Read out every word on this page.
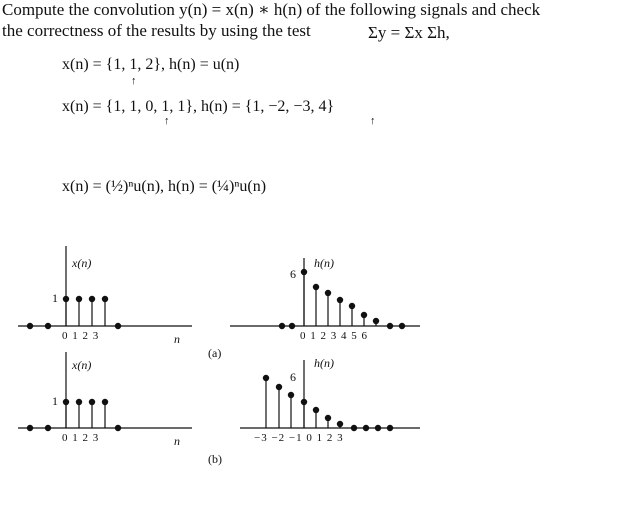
Compute the convolution y(n) = x(n) ∗ h(n) of the following signals and check
the correctness of the results by using the test	Σy = Σx Σh,
x(n) = {1, 1, 2}, h(n) = u(n)
↑
x(n) = {1, 1, 0, 1, 1}, h(n) = {1, −2, −3, 4}
↑	↑
x(n) = (½)ⁿu(n), h(n) = (¼)ⁿu(n)
x(n)
1
0 1 2 3	n
h(n)
6
0 1 2 3 4 5 6
(a)
x(n)
1
0 1 2 3	n
h(n)
6
−3 −2 −1 0 1 2 3
(b)
